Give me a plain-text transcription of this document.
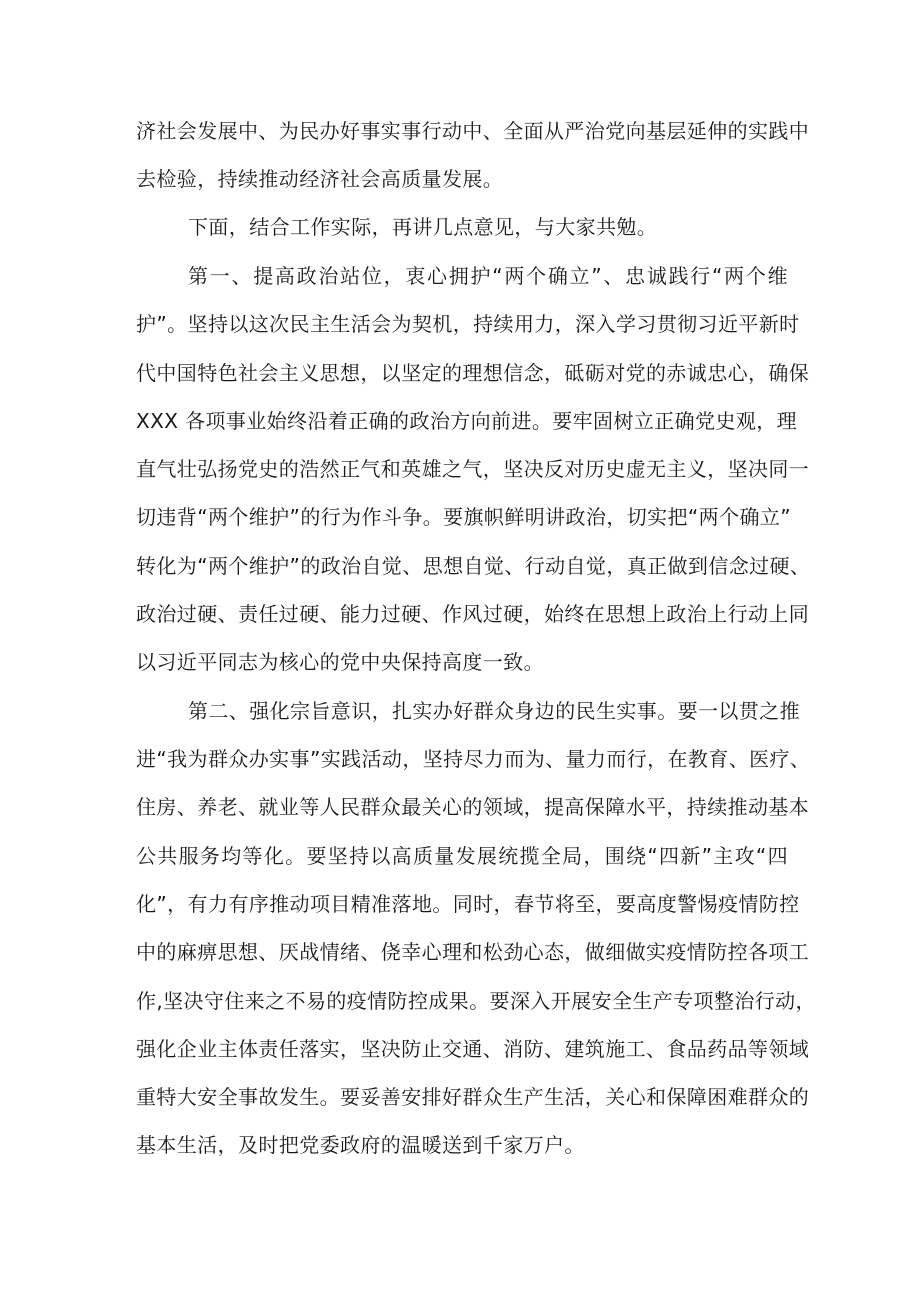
济社会发展中、为民办好事实事行动中、全面从严治党向基层延伸的实践中
去检验，持续推动经济社会高质量发展。
下面，结合工作实际，再讲几点意见，与大家共勉。
第一、提高政治站位，衷心拥护“两个确立”、忠诚践行“两个维
护”。坚持以这次民主生活会为契机，持续用力，深入学习贯彻习近平新时
代中国特色社会主义思想，以坚定的理想信念，砥砺对党的赤诚忠心，确保
XXX 各项事业始终沿着正确的政治方向前进。要牢固树立正确党史观，理
直气壮弘扬党史的浩然正气和英雄之气，坚决反对历史虚无主义，坚决同一
切违背“两个维护”的行为作斗争。要旗帜鲜明讲政治，切实把“两个确立”
转化为“两个维护”的政治自觉、思想自觉、行动自觉，真正做到信念过硬、
政治过硬、责任过硬、能力过硬、作风过硬，始终在思想上政治上行动上同
以习近平同志为核心的党中央保持高度一致。
第二、强化宗旨意识，扎实办好群众身边的民生实事。要一以贯之推
进“我为群众办实事”实践活动，坚持尽力而为、量力而行，在教育、医疗、
住房、养老、就业等人民群众最关心的领域，提高保障水平，持续推动基本
公共服务均等化。要坚持以高质量发展统揽全局，围绕“四新”主攻“四
化”，有力有序推动项目精准落地。同时，春节将至，要高度警惕疫情防控
中的麻痹思想、厌战情绪、侥幸心理和松劲心态，做细做实疫情防控各项工
作,坚决守住来之不易的疫情防控成果。要深入开展安全生产专项整治行动，
强化企业主体责任落实，坚决防止交通、消防、建筑施工、食品药品等领域
重特大安全事故发生。要妥善安排好群众生产生活，关心和保障困难群众的
基本生活，及时把党委政府的温暖送到千家万户。
